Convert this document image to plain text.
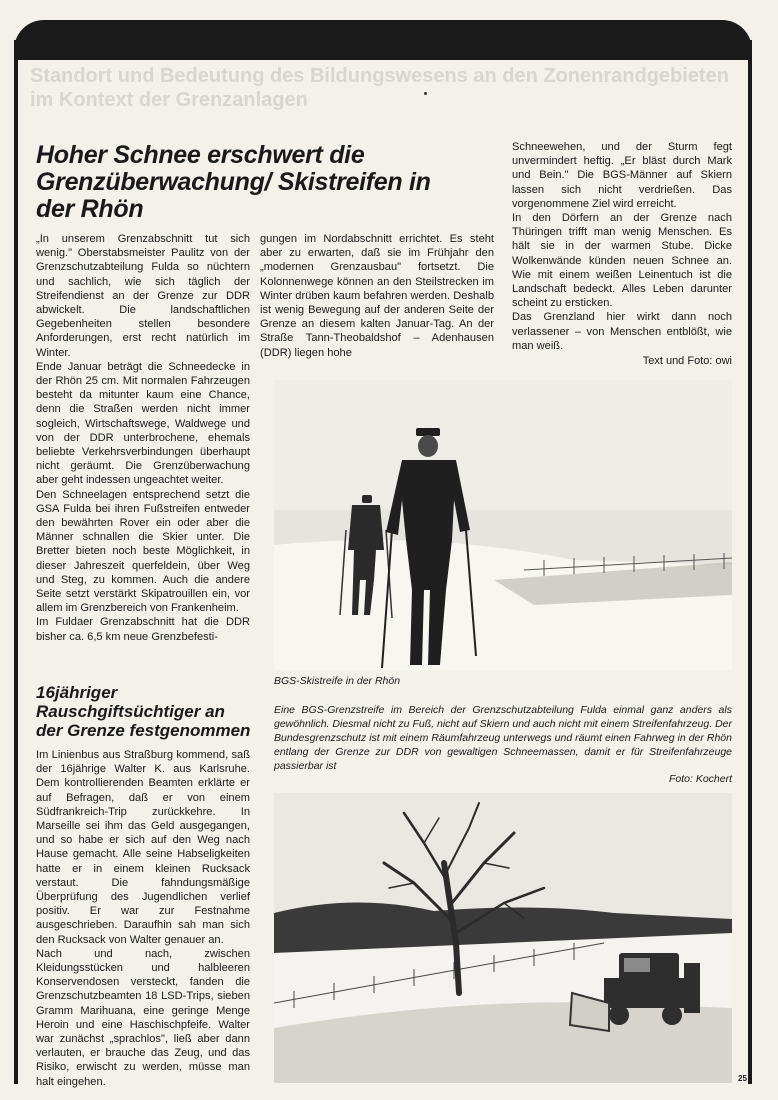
Standort und Bedeutung des Bildungswesens an den Zonenrandgebieten im Kontext der Grenzanlagen
Hoher Schnee erschwert die Grenzüberwachung/ Skistreifen in der Rhön

„In unserem Grenzabschnitt tut sich wenig." Oberstabsmeister Paulitz von der Grenzschutzabteilung Fulda so nüchtern und sachlich, wie sich täglich der Streifendienst an der Grenze zur DDR abwickelt. Die landschaftlichen Gegebenheiten stellen besondere Anforderungen, erst recht natürlich im Winter.

Ende Januar beträgt die Schneedecke in der Rhön 25 cm. Mit normalen Fahrzeugen besteht da mitunter kaum eine Chance, denn die Straßen werden nicht immer sogleich, Wirtschaftswege, Waldwege und von der DDR unterbrochene, ehemals beliebte Verkehrsverbindungen überhaupt nicht geräumt. Die Grenzüberwachung aber geht indessen ungeachtet weiter.

Den Schneelagen entsprechend setzt die GSA Fulda bei ihren Fußstreifen entweder den bewährten Rover ein oder aber die Männer schnallen die Skier unter. Die Bretter bieten noch beste Möglichkeit, in dieser Jahreszeit querfeldein, über Weg und Steg, zu kommen. Auch die andere Seite setzt verstärkt Skipatrouillen ein, vor allem im Grenzbereich von Frankenheim.

Im Fuldaer Grenzabschnitt hat die DDR bisher ca. 6,5 km neue Grenzbefesti-

gungen im Nordabschnitt errichtet. Es steht aber zu erwarten, daß sie im Frühjahr den „modernen Grenzausbau" fortsetzt. Die Kolonnenwege können an den Steilstrecken im Winter drüben kaum befahren werden. Deshalb ist wenig Bewegung auf der anderen Seite der Grenze an diesem kalten Januar-Tag. An der Straße Tann-Theobaldshof – Adenhausen (DDR) liegen hohe

Schneewehen, und der Sturm fegt unvermindert heftig. „Er bläst durch Mark und Bein." Die BGS-Männer auf Skiern lassen sich nicht verdrießen. Das vorgenommene Ziel wird erreicht.

In den Dörfern an der Grenze nach Thüringen trifft man wenig Menschen. Es hält sie in der warmen Stube. Dicke Wolkenwände künden neuen Schnee an. Wie mit einem weißen Leinentuch ist die Landschaft bedeckt. Alles Leben darunter scheint zu ersticken.

Das Grenzland hier wirkt dann noch verlassener – von Menschen entblößt, wie man weiß.

Text und Foto: owi
BGS-Skistreife in der Rhön
16jähriger Rauschgiftsüchtiger an der Grenze festgenommen

Im Linienbus aus Straßburg kommend, saß der 16jährige Walter K. aus Karlsruhe. Dem kontrollierenden Beamten erklärte er auf Befragen, daß er von einem Südfrankreich-Trip zurückkehre. In Marseille sei ihm das Geld ausgegangen, und so habe er sich auf den Weg nach Hause gemacht. Alle seine Habseligkeiten hatte er in einem kleinen Rucksack verstaut. Die fahndungsmäßige Überprüfung des Jugendlichen verlief positiv. Er war zur Festnahme ausgeschrieben. Daraufhin sah man sich den Rucksack von Walter genauer an.

Nach und nach, zwischen Kleidungsstücken und halbleeren Konservendosen versteckt, fanden die Grenzschutzbeamten 18 LSD-Trips, sieben Gramm Marihuana, eine geringe Menge Heroin und eine Haschischpfeife. Walter war zunächst „sprachlos", ließ aber dann verlauten, er brauche das Zeug, und das Risiko, erwischt zu werden, müsse man halt eingehen.

Eine BGS-Grenzstreife im Bereich der Grenzschutzabteilung Fulda einmal ganz anders als gewöhnlich. Diesmal nicht zu Fuß, nicht auf Skiern und auch nicht mit einem Streifenfahrzeug. Der Bundesgrenzschutz ist mit einem Räumfahrzeug unterwegs und räumt einen Fahrweg in der Rhön entlang der Grenze zur DDR von gewaltigen Schneemassen, damit er für Streifenfahrzeuge passierbar ist
Foto: Kochert
25
